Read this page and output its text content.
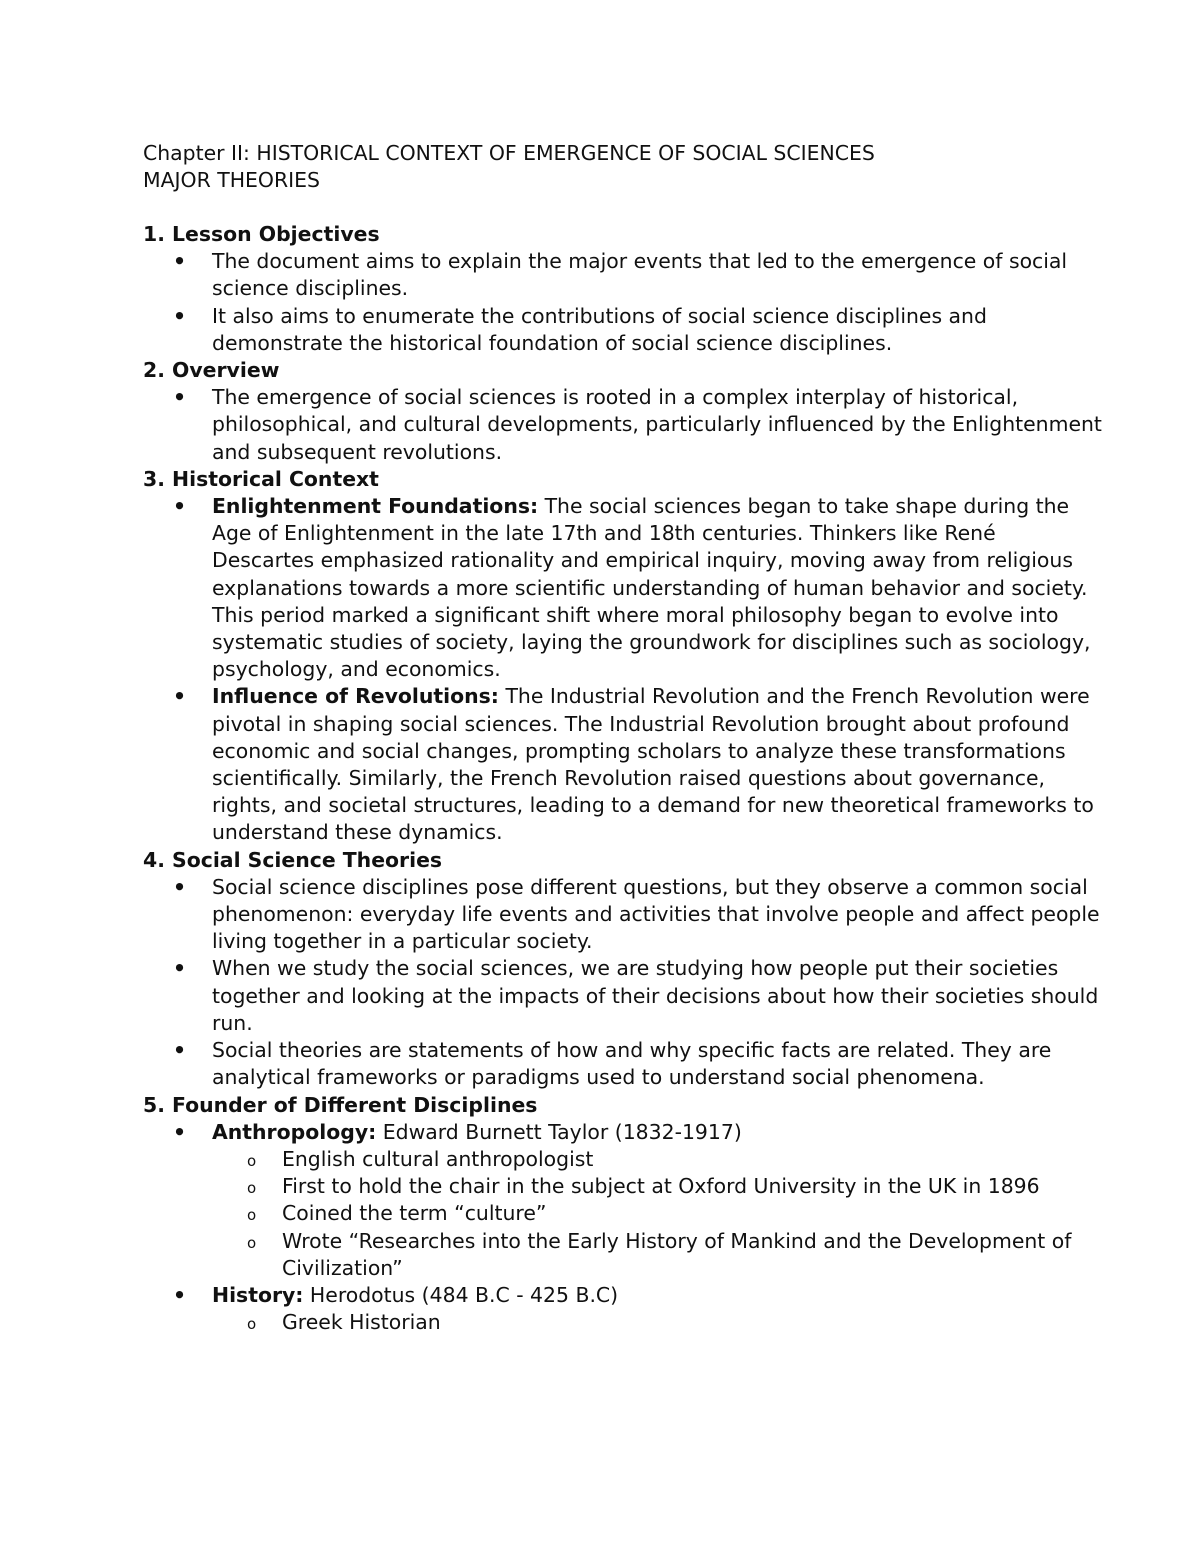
Chapter II: HISTORICAL CONTEXT OF EMERGENCE OF SOCIAL SCIENCES
MAJOR THEORIES
1. Lesson Objectives
• The document aims to explain the major events that led to the emergence of social science disciplines.
• It also aims to enumerate the contributions of social science disciplines and demonstrate the historical foundation of social science disciplines.
2. Overview
• The emergence of social sciences is rooted in a complex interplay of historical, philosophical, and cultural developments, particularly influenced by the Enlightenment and subsequent revolutions.
3. Historical Context
• Enlightenment Foundations: The social sciences began to take shape during the Age of Enlightenment in the late 17th and 18th centuries. Thinkers like René Descartes emphasized rationality and empirical inquiry, moving away from religious explanations towards a more scientific understanding of human behavior and society. This period marked a significant shift where moral philosophy began to evolve into systematic studies of society, laying the groundwork for disciplines such as sociology, psychology, and economics.
• Influence of Revolutions: The Industrial Revolution and the French Revolution were pivotal in shaping social sciences. The Industrial Revolution brought about profound economic and social changes, prompting scholars to analyze these transformations scientifically. Similarly, the French Revolution raised questions about governance, rights, and societal structures, leading to a demand for new theoretical frameworks to understand these dynamics.
4. Social Science Theories
• Social science disciplines pose different questions, but they observe a common social phenomenon: everyday life events and activities that involve people and affect people living together in a particular society.
• When we study the social sciences, we are studying how people put their societies together and looking at the impacts of their decisions about how their societies should run.
• Social theories are statements of how and why specific facts are related. They are analytical frameworks or paradigms used to understand social phenomena.
5. Founder of Different Disciplines
• Anthropology: Edward Burnett Taylor (1832-1917)
o English cultural anthropologist
o First to hold the chair in the subject at Oxford University in the UK in 1896
o Coined the term “culture”
o Wrote “Researches into the Early History of Mankind and the Development of Civilization”
• History: Herodotus (484 B.C - 425 B.C)
o Greek Historian
